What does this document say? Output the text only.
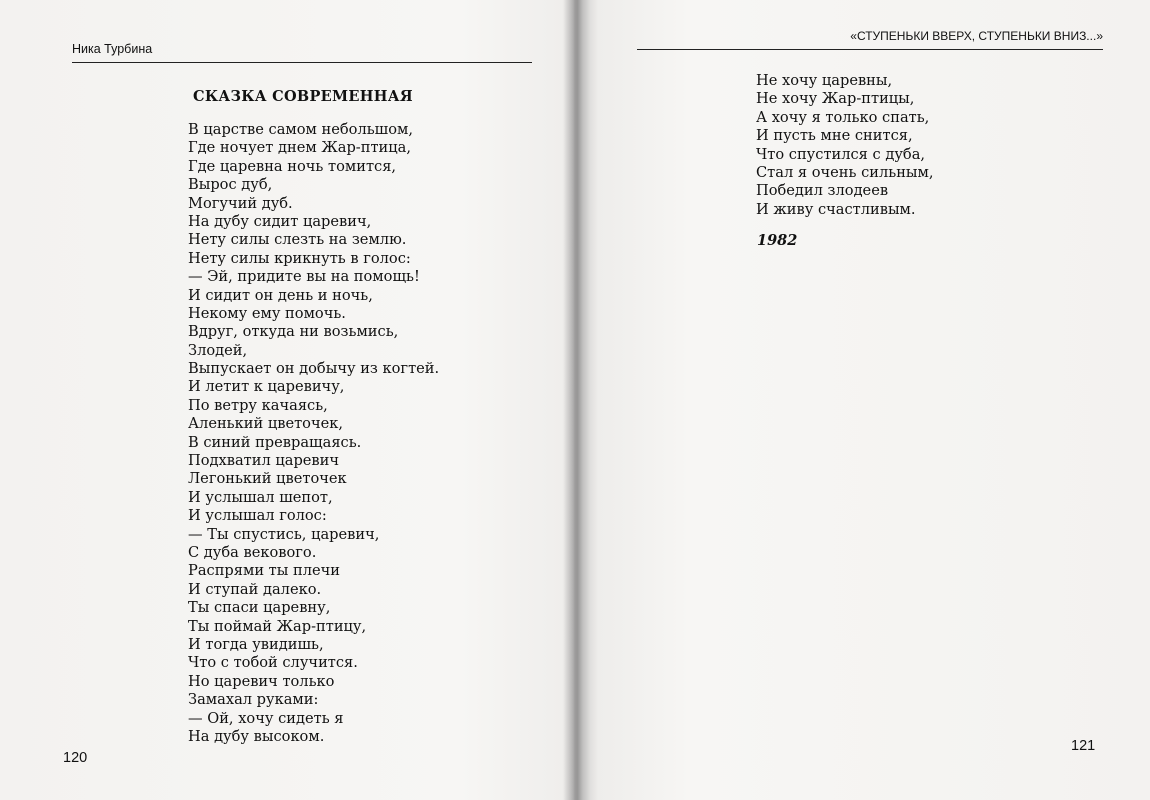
Ника Турбина
«СТУПЕНЬКИ ВВЕРХ, СТУПЕНЬКИ ВНИЗ...»
СКАЗКА СОВРЕМЕННАЯ
В царстве самом небольшом,
Где ночует днем Жар-птица,
Где царевна ночь томится,
Вырос дуб,
Могучий дуб.
На дубу сидит царевич,
Нету силы слезть на землю.
Нету силы крикнуть в голос:
— Эй, придите вы на помощь!
И сидит он день и ночь,
Некому ему помочь.
Вдруг, откуда ни возьмись,
Злодей,
Выпускает он добычу из когтей.
И летит к царевичу,
По ветру качаясь,
Аленький цветочек,
В синий превращаясь.
Подхватил царевич
Легонький цветочек
И услышал шепот,
И услышал голос:
— Ты спустись, царевич,
С дуба векового.
Распрями ты плечи
И ступай далеко.
Ты спаси царевну,
Ты поймай Жар-птицу,
И тогда увидишь,
Что с тобой случится.
Но царевич только
Замахал руками:
— Ой, хочу сидеть я
На дубу высоком.
Не хочу царевны,
Не хочу Жар-птицы,
А хочу я только спать,
И пусть мне снится,
Что спустился с дуба,
Стал я очень сильным,
Победил злодеев
И живу счастливым.
1982
120
121
